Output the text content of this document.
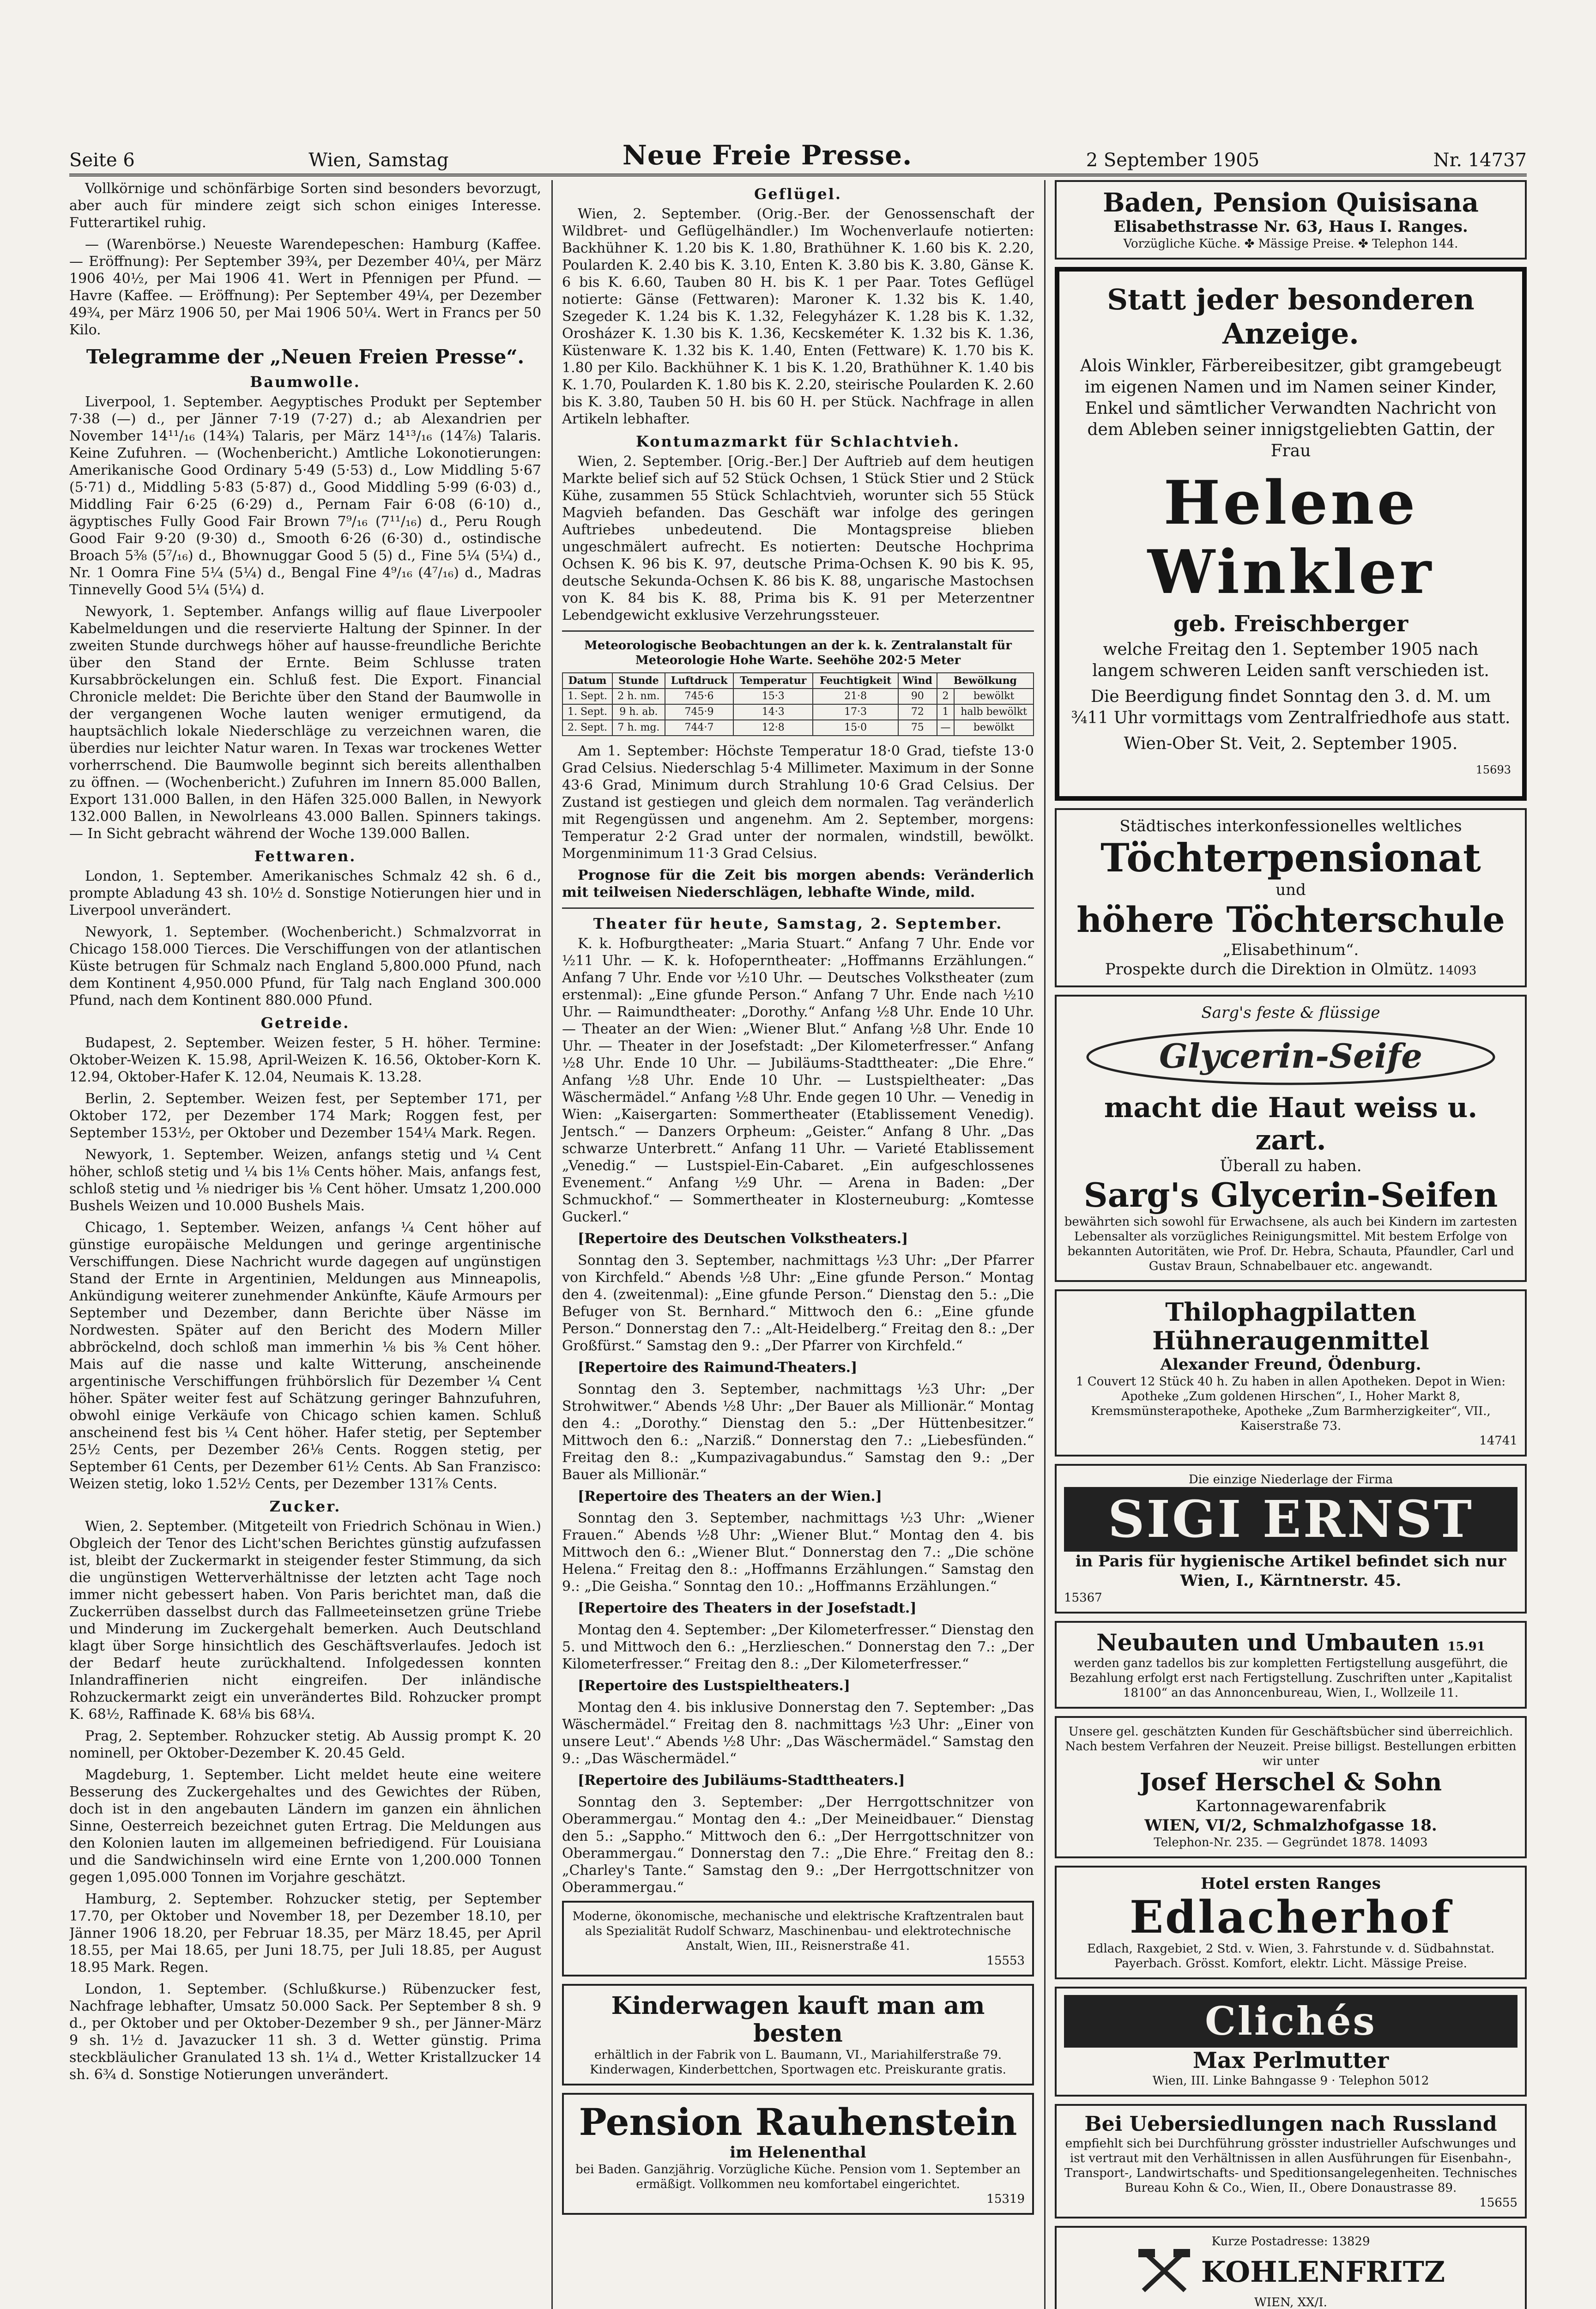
Seite 6	Wien, Samstag	Neue Freie Presse.	2 September 1905	Nr. 14737

Vollkörnige und schönfärbige Sorten sind besonders bevorzugt, aber auch für mindere zeigt sich schon einiges Interesse. Futterartikel ruhig.

— (Warenbörse.) Neueste Warendepeschen: Hamburg (Kaffee. — Eröffnung): Per September 39¾, per Dezember 40¼, per März 1906 40½, per Mai 1906 41. Wert in Pfennigen per Pfund. — Havre (Kaffee. — Eröffnung): Per September 49¼, per Dezember 49¾, per März 1906 50, per Mai 1906 50¼. Wert in Francs per 50 Kilo.

Telegramme der „Neuen Freien Presse“.
Baumwolle.

Liverpool, 1. September. Aegyptisches Produkt per September 7·38 (—) d., per Jänner 7·19 (7·27) d.; ab Alexandrien per November 14¹¹/₁₆ (14¾) Talaris, per März 14¹³/₁₆ (14⅞) Talaris. Keine Zufuhren. — (Wochenbericht.) Amtliche Lokonotierungen: Amerikanische Good Ordinary 5·49 (5·53) d., Low Middling 5·67 (5·71) d., Middling 5·83 (5·87) d., Good Middling 5·99 (6·03) d., Middling Fair 6·25 (6·29) d., Pernam Fair 6·08 (6·10) d., ägyptisches Fully Good Fair Brown 7⁹/₁₆ (7¹¹/₁₆) d., Peru Rough Good Fair 9·20 (9·30) d., Smooth 6·26 (6·30) d., ostindische Broach 5⅜ (5⁷/₁₆) d., Bhownuggar Good 5 (5) d., Fine 5¼ (5¼) d., Nr. 1 Oomra Fine 5¼ (5¼) d., Bengal Fine 4⁹/₁₆ (4⁷/₁₆) d., Madras Tinnevelly Good 5¼ (5¼) d.

Newyork, 1. September. Anfangs willig auf flaue Liverpooler Kabelmeldungen und die reservierte Haltung der Spinner. In der zweiten Stunde durchwegs höher auf hausse-freundliche Berichte über den Stand der Ernte. Beim Schlusse traten Kursabbröckelungen ein. Schluß fest. Die Export. Financial Chronicle meldet: Die Berichte über den Stand der Baumwolle in der vergangenen Woche lauten weniger ermutigend, da hauptsächlich lokale Niederschläge zu verzeichnen waren, die überdies nur leichter Natur waren. In Texas war trockenes Wetter vorherrschend. Die Baumwolle beginnt sich bereits allenthalben zu öffnen. — (Wochenbericht.) Zufuhren im Innern 85.000 Ballen, Export 131.000 Ballen, in den Häfen 325.000 Ballen, in Newyork 132.000 Ballen, in Newolrleans 43.000 Ballen. Spinners takings. — In Sicht gebracht während der Woche 139.000 Ballen.

Fettwaren.

London, 1. September. Amerikanisches Schmalz 42 sh. 6 d., prompte Abladung 43 sh. 10½ d. Sonstige Notierungen hier und in Liverpool unverändert.

Newyork, 1. September. (Wochenbericht.) Schmalzvorrat in Chicago 158.000 Tierces. Die Verschiffungen von der atlantischen Küste betrugen für Schmalz nach England 5,800.000 Pfund, nach dem Kontinent 4,950.000 Pfund, für Talg nach England 300.000 Pfund, nach dem Kontinent 880.000 Pfund.

Getreide.

Budapest, 2. September. Weizen fester, 5 H. höher. Termine: Oktober-Weizen K. 15.98, April-Weizen K. 16.56, Oktober-Korn K. 12.94, Oktober-Hafer K. 12.04, Neumais K. 13.28.

Berlin, 2. September. Weizen fest, per September 171, per Oktober 172, per Dezember 174 Mark; Roggen fest, per September 153½, per Oktober und Dezember 154¼ Mark. Regen.

Newyork, 1. September. Weizen, anfangs stetig und ¼ Cent höher, schloß stetig und ¼ bis 1⅛ Cents höher. Mais, anfangs fest, schloß stetig und ⅛ niedriger bis ⅛ Cent höher. Umsatz 1,200.000 Bushels Weizen und 10.000 Bushels Mais.

Chicago, 1. September. Weizen, anfangs ¼ Cent höher auf günstige europäische Meldungen und geringe argentinische Verschiffungen. Diese Nachricht wurde dagegen auf ungünstigen Stand der Ernte in Argentinien, Meldungen aus Minneapolis, Ankündigung weiterer zunehmender Ankünfte, Käufe Armours per September und Dezember, dann Berichte über Nässe im Nordwesten. Später auf den Bericht des Modern Miller abbröckelnd, doch schloß man immerhin ⅛ bis ⅜ Cent höher. Mais auf die nasse und kalte Witterung, anscheinende argentinische Verschiffungen frühbörslich für Dezember ¼ Cent höher. Später weiter fest auf Schätzung geringer Bahnzufuhren, obwohl einige Verkäufe von Chicago schien kamen. Schluß anscheinend fest bis ¼ Cent höher. Hafer stetig, per September 25½ Cents, per Dezember 26⅛ Cents. Roggen stetig, per September 61 Cents, per Dezember 61½ Cents. Ab San Franzisco: Weizen stetig, loko 1.52½ Cents, per Dezember 131⅞ Cents.

Zucker.

Wien, 2. September. (Mitgeteilt von Friedrich Schönau in Wien.) Obgleich der Tenor des Licht'schen Berichtes günstig aufzufassen ist, bleibt der Zuckermarkt in steigender fester Stimmung, da sich die ungünstigen Wetterverhältnisse der letzten acht Tage noch immer nicht gebessert haben. Von Paris berichtet man, daß die Zuckerrüben dasselbst durch das Fallmeeteinsetzen grüne Triebe und Minderung im Zuckergehalt bemerken. Auch Deutschland klagt über Sorge hinsichtlich des Geschäftsverlaufes. Jedoch ist der Bedarf heute zurückhaltend. Infolgedessen konnten Inlandraffinerien nicht eingreifen. Der inländische Rohzuckermarkt zeigt ein unverändertes Bild. Rohzucker prompt K. 68½, Raffinade K. 68⅛ bis 68¼.

Prag, 2. September. Rohzucker stetig. Ab Aussig prompt K. 20 nominell, per Oktober-Dezember K. 20.45 Geld.

Magdeburg, 1. September. Licht meldet heute eine weitere Besserung des Zuckergehaltes und des Gewichtes der Rüben, doch ist in den angebauten Ländern im ganzen ein ähnlichen Sinne, Oesterreich bezeichnet guten Ertrag. Die Meldungen aus den Kolonien lauten im allgemeinen befriedigend. Für Louisiana und die Sandwichinseln wird eine Ernte von 1,200.000 Tonnen gegen 1,095.000 Tonnen im Vorjahre geschätzt.

Hamburg, 2. September. Rohzucker stetig, per September 17.70, per Oktober und November 18, per Dezember 18.10, per Jänner 1906 18.20, per Februar 18.35, per März 18.45, per April 18.55, per Mai 18.65, per Juni 18.75, per Juli 18.85, per August 18.95 Mark. Regen.

London, 1. September. (Schlußkurse.) Rübenzucker fest, Nachfrage lebhafter, Umsatz 50.000 Sack. Per September 8 sh. 9 d., per Oktober und per Oktober-Dezember 9 sh., per Jänner-März 9 sh. 1½ d. Javazucker 11 sh. 3 d. Wetter günstig. Prima steckbläulicher Granulated 13 sh. 1¼ d., Wetter Kristallzucker 14 sh. 6¾ d. Sonstige Notierungen unverändert.

Geflügel.

Wien, 2. September. (Orig.-Ber. der Genossenschaft der Wildbret- und Geflügelhändler.) Im Wochenverlaufe notierten: Backhühner K. 1.20 bis K. 1.80, Brathühner K. 1.60 bis K. 2.20, Poularden K. 2.40 bis K. 3.10, Enten K. 3.80 bis K. 3.80, Gänse K. 6 bis K. 6.60, Tauben 80 H. bis K. 1 per Paar. Totes Geflügel notierte: Gänse (Fettwaren): Maroner K. 1.32 bis K. 1.40, Szegeder K. 1.24 bis K. 1.32, Felegyházer K. 1.28 bis K. 1.32, Orosházer K. 1.30 bis K. 1.36, Kecskeméter K. 1.32 bis K. 1.36, Küstenware K. 1.32 bis K. 1.40, Enten (Fettware) K. 1.70 bis K. 1.80 per Kilo. Backhühner K. 1 bis K. 1.20, Brathühner K. 1.40 bis K. 1.70, Poularden K. 1.80 bis K. 2.20, steirische Poularden K. 2.60 bis K. 3.80, Tauben 50 H. bis 60 H. per Stück. Nachfrage in allen Artikeln lebhafter.

Kontumazmarkt für Schlachtvieh.

Wien, 2. September. [Orig.-Ber.] Der Auftrieb auf dem heutigen Markte belief sich auf 52 Stück Ochsen, 1 Stück Stier und 2 Stück Kühe, zusammen 55 Stück Schlachtvieh, worunter sich 55 Stück Magvieh befanden. Das Geschäft war infolge des geringen Auftriebes unbedeutend. Die Montagspreise blieben ungeschmälert aufrecht. Es notierten: Deutsche Hochprima Ochsen K. 96 bis K. 97, deutsche Prima-Ochsen K. 90 bis K. 95, deutsche Sekunda-Ochsen K. 86 bis K. 88, ungarische Mastochsen von K. 84 bis K. 88, Prima bis K. 91 per Meterzentner Lebendgewicht exklusive Verzehrungssteuer.

Meteorologische Beobachtungen an der k. k. Zentralanstalt für Meteorologie Hohe Warte. Seehöhe 202·5 Meter

Datum	Stunde	Luftdruck	Temperatur	Feuchtigkeit	Wind	Bewölkung	
1. Sept.	2 h. nm.	745·6	15·3	21·8	90	2	bewölkt
1. Sept.	9 h. ab.	745·9	14·3	17·3	72	1	halb bewölkt
2. Sept.	7 h. mg.	744·7	12·8	15·0	75	—	bewölkt

Am 1. September: Höchste Temperatur 18·0 Grad, tiefste 13·0 Grad Celsius. Niederschlag 5·4 Millimeter. Maximum in der Sonne 43·6 Grad, Minimum durch Strahlung 10·6 Grad Celsius. Der Zustand ist gestiegen und gleich dem normalen. Tag veränderlich mit Regengüssen und angenehm. Am 2. September, morgens: Temperatur 2·2 Grad unter der normalen, windstill, bewölkt. Morgenminimum 11·3 Grad Celsius.

Prognose für die Zeit bis morgen abends: Veränderlich mit teilweisen Niederschlägen, lebhafte Winde, mild.

Theater für heute, Samstag, 2. September.

K. k. Hofburgtheater: „Maria Stuart.“ Anfang 7 Uhr. Ende vor ½11 Uhr. — K. k. Hofoperntheater: „Hoffmanns Erzählungen.“ Anfang 7 Uhr. Ende vor ½10 Uhr. — Deutsches Volkstheater (zum erstenmal): „Eine gfunde Person.“ Anfang 7 Uhr. Ende nach ½10 Uhr. — Raimundtheater: „Dorothy.“ Anfang ½8 Uhr. Ende 10 Uhr. — Theater an der Wien: „Wiener Blut.“ Anfang ½8 Uhr. Ende 10 Uhr. — Theater in der Josefstadt: „Der Kilometerfresser.“ Anfang ½8 Uhr. Ende 10 Uhr. — Jubiläums-Stadttheater: „Die Ehre.“ Anfang ½8 Uhr. Ende 10 Uhr. — Lustspieltheater: „Das Wäschermädel.“ Anfang ½8 Uhr. Ende gegen 10 Uhr. — Venedig in Wien: „Kaisergarten: Sommertheater (Etablissement Venedig). Jentsch.“ — Danzers Orpheum: „Geister.“ Anfang 8 Uhr. „Das schwarze Unterbrett.“ Anfang 11 Uhr. — Varieté Etablissement „Venedig.“ — Lustspiel-Ein-Cabaret. „Ein aufgeschlossenes Evenement.“ Anfang ½9 Uhr. — Arena in Baden: „Der Schmuckhof.“ — Sommertheater in Klosterneuburg: „Komtesse Guckerl.“

[Repertoire des Deutschen Volkstheaters.]

Sonntag den 3. September, nachmittags ½3 Uhr: „Der Pfarrer von Kirchfeld.“ Abends ½8 Uhr: „Eine gfunde Person.“ Montag den 4. (zweitenmal): „Eine gfunde Person.“ Dienstag den 5.: „Die Befuger von St. Bernhard.“ Mittwoch den 6.: „Eine gfunde Person.“ Donnerstag den 7.: „Alt-Heidelberg.“ Freitag den 8.: „Der Großfürst.“ Samstag den 9.: „Der Pfarrer von Kirchfeld.“

[Repertoire des Raimund-Theaters.]

Sonntag den 3. September, nachmittags ½3 Uhr: „Der Strohwitwer.“ Abends ½8 Uhr: „Der Bauer als Millionär.“ Montag den 4.: „Dorothy.“ Dienstag den 5.: „Der Hüttenbesitzer.“ Mittwoch den 6.: „Narziß.“ Donnerstag den 7.: „Liebesfünden.“ Freitag den 8.: „Kumpazivagabundus.“ Samstag den 9.: „Der Bauer als Millionär.“

[Repertoire des Theaters an der Wien.]

Sonntag den 3. September, nachmittags ½3 Uhr: „Wiener Frauen.“ Abends ½8 Uhr: „Wiener Blut.“ Montag den 4. bis Mittwoch den 6.: „Wiener Blut.“ Donnerstag den 7.: „Die schöne Helena.“ Freitag den 8.: „Hoffmanns Erzählungen.“ Samstag den 9.: „Die Geisha.“ Sonntag den 10.: „Hoffmanns Erzählungen.“

[Repertoire des Theaters in der Josefstadt.]

Montag den 4. September: „Der Kilometerfresser.“ Dienstag den 5. und Mittwoch den 6.: „Herzlieschen.“ Donnerstag den 7.: „Der Kilometerfresser.“ Freitag den 8.: „Der Kilometerfresser.“

[Repertoire des Lustspieltheaters.]

Montag den 4. bis inklusive Donnerstag den 7. September: „Das Wäschermädel.“ Freitag den 8. nachmittags ½3 Uhr: „Einer von unsere Leut'.“ Abends ½8 Uhr: „Das Wäschermädel.“ Samstag den 9.: „Das Wäschermädel.“

[Repertoire des Jubiläums-Stadttheaters.]

Sonntag den 3. September: „Der Herrgottschnitzer von Oberammergau.“ Montag den 4.: „Der Meineidbauer.“ Dienstag den 5.: „Sappho.“ Mittwoch den 6.: „Der Herrgottschnitzer von Oberammergau.“ Donnerstag den 7.: „Die Ehre.“ Freitag den 8.: „Charley's Tante.“ Samstag den 9.: „Der Herrgottschnitzer von Oberammergau.“

Moderne, ökonomische, mechanische und elektrische Kraftzentralen baut als Spezialität Rudolf Schwarz, Maschinenbau- und elektrotechnische Anstalt, Wien, III., Reisnerstraße 41.
15553
Kinderwagen kauft man am besten
erhältlich in der Fabrik von L. Baumann, VI., Mariahilferstraße 79. Kinderwagen, Kinderbettchen, Sportwagen etc. Preiskurante gratis.
Pension Rauhenstein
im Helenenthal
bei Baden. Ganzjährig. Vorzügliche Küche. Pension vom 1. September an ermäßigt. Vollkommen neu komfortabel eingerichtet.
15319
Baden, Pension Quisisana
Elisabethstrasse Nr. 63, Haus I. Ranges.
Vorzügliche Küche. ✤ Mässige Preise. ✤ Telephon 144.
Statt jeder besonderen Anzeige.

Alois Winkler, Färbereibesitzer, gibt gramgebeugt im eigenen Namen und im Namen seiner Kinder, Enkel und sämtlicher Verwandten Nachricht von dem Ableben seiner innigstgeliebten Gattin, der Frau

Helene Winkler

geb. Freischberger

welche Freitag den 1. September 1905 nach langem schweren Leiden sanft verschieden ist.

Die Beerdigung findet Sonntag den 3. d. M. um ¾11 Uhr vormittags vom Zentralfriedhofe aus statt.

Wien-Ober St. Veit, 2. September 1905.

15693

Städtisches interkonfessionelles weltliches
Töchterpensionat
und
höhere Töchterschule
„Elisabethinum“.
Prospekte durch die Direktion in Olmütz. 14093
Sarg's feste & flüssige
Glycerin-Seife
macht die Haut weiss u. zart.
Überall zu haben.
Sarg's Glycerin-Seifen
bewährten sich sowohl für Erwachsene, als auch bei Kindern im zartesten Lebensalter als vorzügliches Reinigungsmittel. Mit bestem Erfolge von bekannten Autoritäten, wie Prof. Dr. Hebra, Schauta, Pfaundler, Carl und Gustav Braun, Schnabelbauer etc. angewandt.
Thilophagpilatten
Hühneraugenmittel
Alexander Freund, Ödenburg.
1 Couvert 12 Stück 40 h. Zu haben in allen Apotheken. Depot in Wien: Apotheke „Zum goldenen Hirschen“, I., Hoher Markt 8, Kremsmünsterapotheke, Apotheke „Zum Barmherzigkeiter“, VII., Kaiserstraße 73.
14741
Die einzige Niederlage der Firma
SIGI ERNST
in Paris für hygienische Artikel befindet sich nur Wien, I., Kärntnerstr. 45.
15367
Neubauten und Umbauten 15.91
werden ganz tadellos bis zur kompletten Fertigstellung ausgeführt, die Bezahlung erfolgt erst nach Fertigstellung. Zuschriften unter „Kapitalist 18100“ an das Annoncenbureau, Wien, I., Wollzeile 11.
Unsere gel. geschätzten Kunden für Geschäftsbücher sind überreichlich. Nach bestem Verfahren der Neuzeit. Preise billigst. Bestellungen erbitten wir unter
Josef Herschel & Sohn
Kartonnagewarenfabrik
WIEN, VI/2, Schmalzhofgasse 18.
Telephon-Nr. 235. — Gegründet 1878. 14093
Hotel ersten Ranges
Edlacherhof
Edlach, Raxgebiet, 2 Std. v. Wien, 3. Fahrstunde v. d. Südbahnstat. Payerbach. Grösst. Komfort, elektr. Licht. Mässige Preise.
Clichés
Max Perlmutter
Wien, III. Linke Bahngasse 9 · Telephon 5012
Bei Uebersiedlungen nach Russland
empfiehlt sich bei Durchführung grösster industrieller Aufschwunges und ist vertraut mit den Verhältnissen in allen Ausführungen für Eisenbahn-, Transport-, Landwirtschafts- und Speditionsangelegenheiten. Technisches Bureau Kohn & Co., Wien, II., Obere Donaustrasse 89.
15655
Kurze Postadresse: 13829
KOHLENFRITZ
WIEN, XX/I.
